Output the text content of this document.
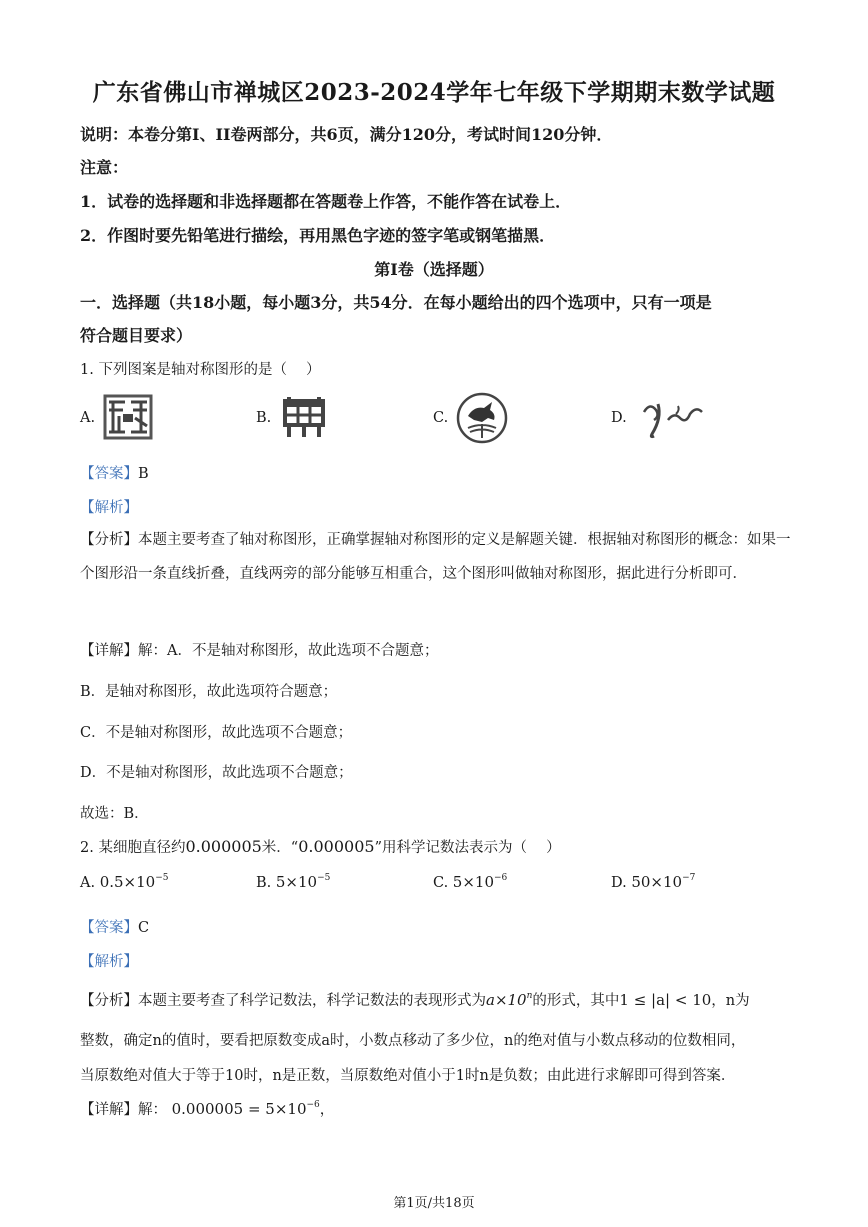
广东省佛山市禅城区2023-2024学年七年级下学期期末数学试题
说明：本卷分第I、II卷两部分，共6页，满分120分，考试时间120分钟．
注意：
1．试卷的选择题和非选择题都在答题卷上作答，不能作答在试卷上．
2．作图时要先铅笔进行描绘，再用黑色字迹的签字笔或钢笔描黑．
第I卷（选择题）
一．选择题（共18小题，每小题3分，共54分．在每小题给出的四个选项中，只有一项是
符合题目要求）
1. 下列图案是轴对称图形的是（　 ）
A.	B.	C.	D.
【答案】B
【解析】
【分析】本题主要考查了轴对称图形，正确掌握轴对称图形的定义是解题关键．根据轴对称图形的概念：如果一个图形沿一条直线折叠，直线两旁的部分能够互相重合，这个图形叫做轴对称图形，据此进行分析即可．
【详解】解：A．不是轴对称图形，故此选项不合题意；
B．是轴对称图形，故此选项符合题意；
C．不是轴对称图形，故此选项不合题意；
D．不是轴对称图形，故此选项不合题意；
故选：B．
2. 某细胞直径约0.000005米．“0.000005”用科学记数法表示为（　 ）
A. $0.5\times 10^{-5}$	B. $5\times 10^{-5}$	C. $5\times 10^{-6}$	D. $50\times 10^{-7}$
【答案】C
【解析】
【分析】本题主要考查了科学记数法，科学记数法的表现形式为$a\times 10^n$的形式，其中1 ≤ |a| < 10，n为
整数，确定n的值时，要看把原数变成a时，小数点移动了多少位，n的绝对值与小数点移动的位数相同，
当原数绝对值大于等于10时，n是正数，当原数绝对值小于1时n是负数；由此进行求解即可得到答案．
【详解】解： $0.000005 = 5\times 10^{-6}$，
第1页/共18页
